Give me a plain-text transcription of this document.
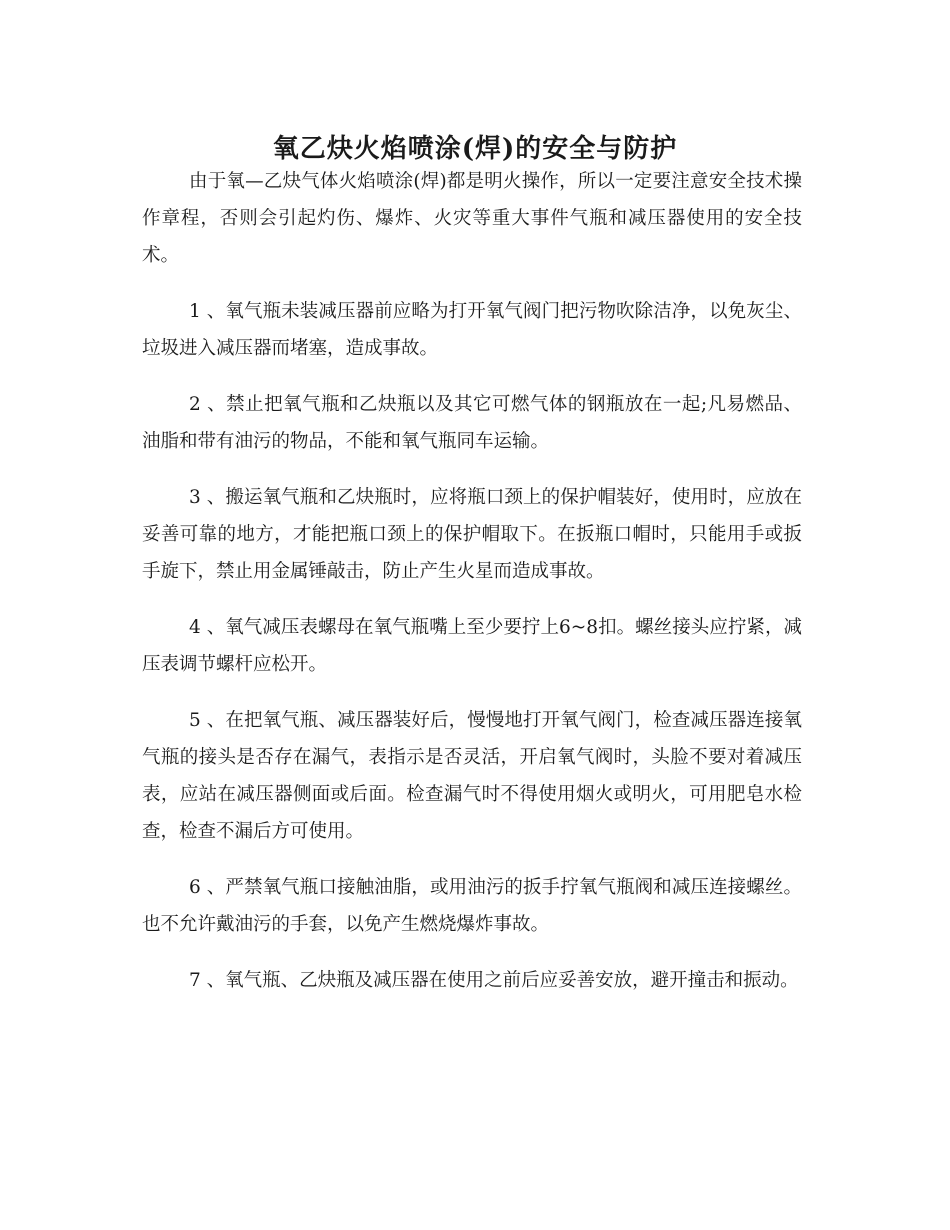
氧乙炔火焰喷涂(焊)的安全与防护

由于氧—乙炔气体火焰喷涂(焊)都是明火操作，所以一定要注意安全技术操作章程，否则会引起灼伤、爆炸、火灾等重大事件气瓶和减压器使用的安全技术。

1 、氧气瓶未装减压器前应略为打开氧气阀门把污物吹除洁净，以免灰尘、垃圾进入减压器而堵塞，造成事故。

2 、禁止把氧气瓶和乙炔瓶以及其它可燃气体的钢瓶放在一起;凡易燃品、油脂和带有油污的物品，不能和氧气瓶同车运输。

3 、搬运氧气瓶和乙炔瓶时，应将瓶口颈上的保护帽装好，使用时，应放在妥善可靠的地方，才能把瓶口颈上的保护帽取下。在扳瓶口帽时，只能用手或扳手旋下，禁止用金属锤敲击，防止产生火星而造成事故。

4 、氧气减压表螺母在氧气瓶嘴上至少要拧上6~8扣。螺丝接头应拧紧，减压表调节螺杆应松开。

5 、在把氧气瓶、减压器装好后，慢慢地打开氧气阀门，检查减压器连接氧气瓶的接头是否存在漏气，表指示是否灵活，开启氧气阀时，头脸不要对着减压表，应站在减压器侧面或后面。检查漏气时不得使用烟火或明火，可用肥皂水检查，检查不漏后方可使用。

6 、严禁氧气瓶口接触油脂，或用油污的扳手拧氧气瓶阀和减压连接螺丝。也不允许戴油污的手套，以免产生燃烧爆炸事故。

7 、氧气瓶、乙炔瓶及减压器在使用之前后应妥善安放，避开撞击和振动。
